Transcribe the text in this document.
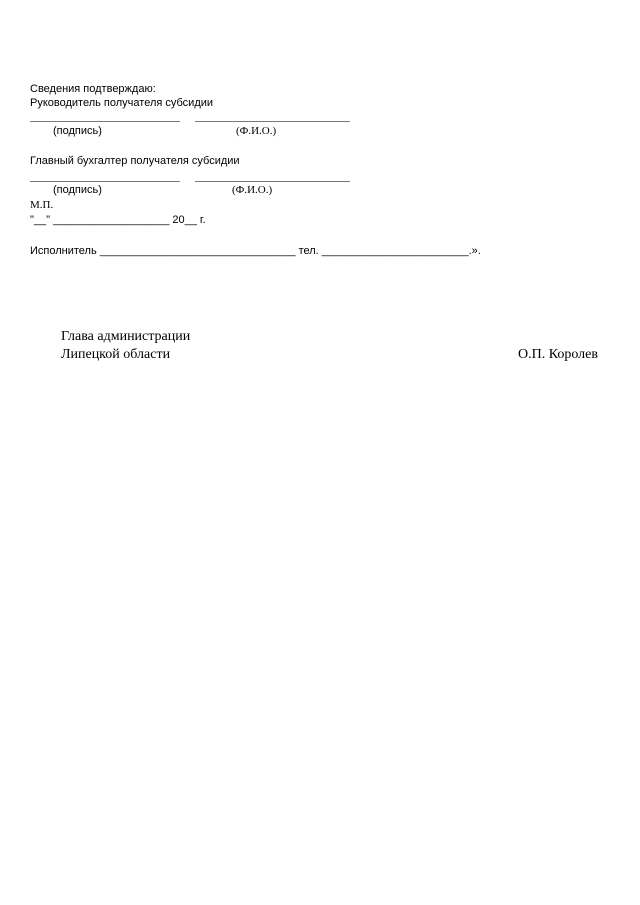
Сведения подтверждаю:
Руководитель получателя субсидии
(подпись)	(Ф.И.О.)
Главный бухгалтер получателя субсидии
(подпись)	(Ф.И.О.)
М.П.
"__" ___________________ 20__ г.
Исполнитель ________________________________ тел. ________________________.».
Глава администрации
Липецкой области	О.П. Королев
